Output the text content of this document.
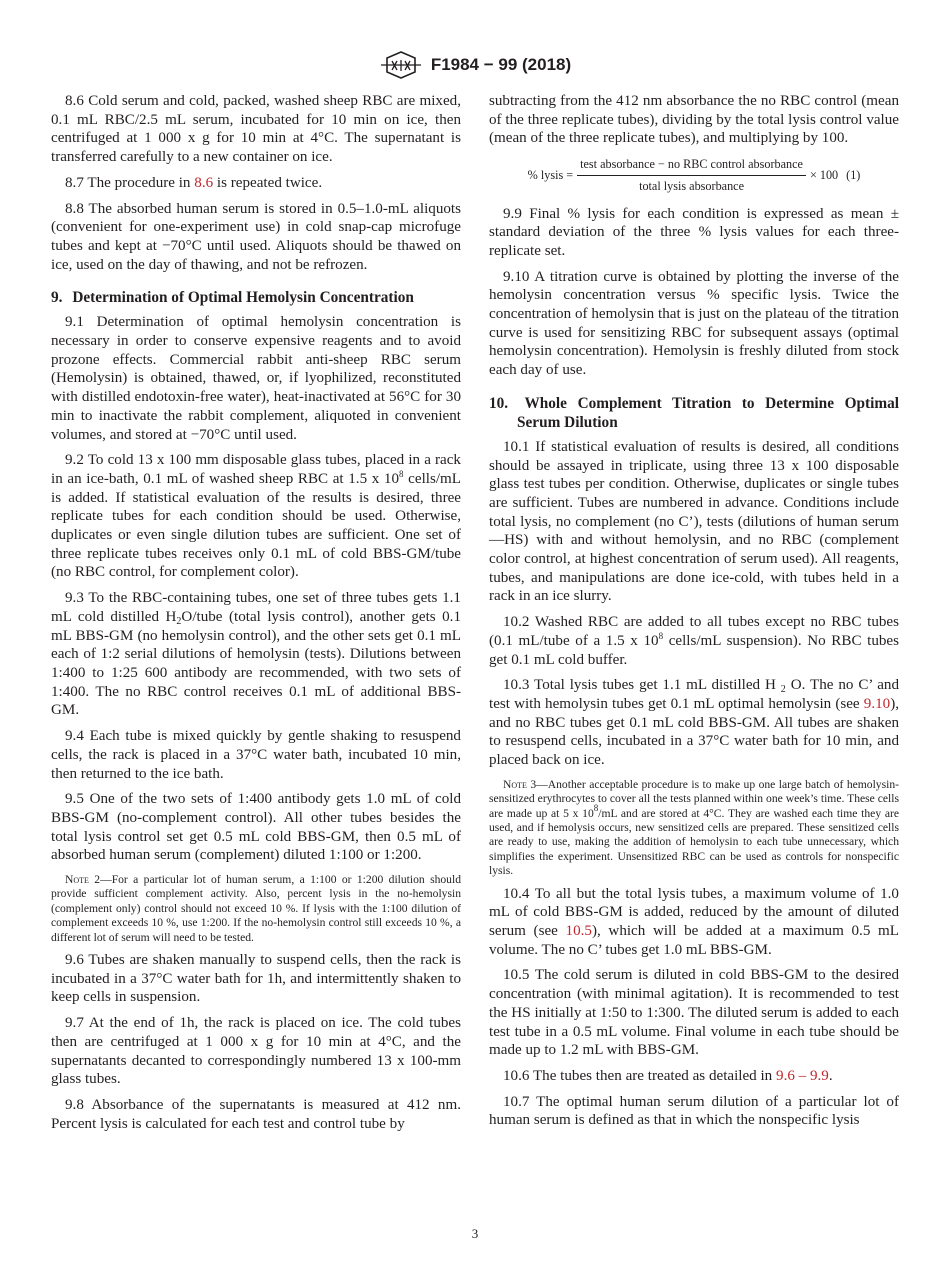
F1984 − 99 (2018)

8.6 Cold serum and cold, packed, washed sheep RBC are mixed, 0.1 mL RBC/2.5 mL serum, incubated for 10 min on ice, then centrifuged at 1 000 x g for 10 min at 4°C. The supernatant is transferred carefully to a new container on ice.

8.7 The procedure in 8.6 is repeated twice.

8.8 The absorbed human serum is stored in 0.5–1.0-mL aliquots (convenient for one-experiment use) in cold snap-cap microfuge tubes and kept at −70°C until used. Aliquots should be thawed on ice, used on the day of thawing, and not be refrozen.

9. Determination of Optimal Hemolysin Concentration

9.1 Determination of optimal hemolysin concentration is necessary in order to conserve expensive reagents and to avoid prozone effects. Commercial rabbit anti-sheep RBC serum (Hemolysin) is obtained, thawed, or, if lyophilized, reconstituted with distilled endotoxin-free water), heat-inactivated at 56°C for 30 min to inactivate the rabbit complement, aliquoted in convenient volumes, and stored at −70°C until used.

9.2 To cold 13 x 100 mm disposable glass tubes, placed in a rack in an ice-bath, 0.1 mL of washed sheep RBC at 1.5 x $10^8$ cells/mL is added. If statistical evaluation of the results is desired, three replicate tubes for each condition should be used. Otherwise, duplicates or even single dilution tubes are sufficient. One set of three replicate tubes receives only 0.1 mL of cold BBS-GM/tube (no RBC control, for complement color).

9.3 To the RBC-containing tubes, one set of three tubes gets 1.1 mL cold distilled $H_2O$/tube (total lysis control), another gets 0.1 mL BBS-GM (no hemolysin control), and the other sets get 0.1 mL each of 1:2 serial dilutions of hemolysin (tests). Dilutions between 1:400 to 1:25 600 antibody are recommended, with two sets of 1:400. The no RBC control receives 0.1 mL of additional BBS-GM.

9.4 Each tube is mixed quickly by gentle shaking to resuspend cells, the rack is placed in a 37°C water bath, incubated 10 min, then returned to the ice bath.

9.5 One of the two sets of 1:400 antibody gets 1.0 mL of cold BBS-GM (no-complement control). All other tubes besides the total lysis control set get 0.5 mL cold BBS-GM, then 0.5 mL of absorbed human serum (complement) diluted 1:100 or 1:200.

Note 2—For a particular lot of human serum, a 1:100 or 1:200 dilution should provide sufficient complement activity. Also, percent lysis in the no-hemolysin (complement only) control should not exceed 10 %. If lysis with the 1:100 dilution of complement exceeds 10 %, use 1:200. If the no-hemolysin control still exceeds 10 %, a different lot of serum will need to be tested.

9.6 Tubes are shaken manually to suspend cells, then the rack is incubated in a 37°C water bath for 1h, and intermittently shaken to keep cells in suspension.

9.7 At the end of 1h, the rack is placed on ice. The cold tubes then are centrifuged at 1 000 x g for 10 min at 4°C, and the supernatants decanted to correspondingly numbered 13 x 100-mm glass tubes.

9.8 Absorbance of the supernatants is measured at 412 nm. Percent lysis is calculated for each test and control tube by

subtracting from the 412 nm absorbance the no RBC control (mean of the three replicate tubes), dividing by the total lysis control value (mean of the three replicate tubes), and multiplying by 100.

% lysis = $\frac{\text{test absorbance − no RBC control absorbance}}{\text{total lysis absorbance}} \times 100$ (1)

9.9 Final % lysis for each condition is expressed as mean ± standard deviation of the three % lysis values for each three-replicate set.

9.10 A titration curve is obtained by plotting the inverse of the hemolysin concentration versus % specific lysis. Twice the concentration of hemolysin that is just on the plateau of the titration curve is used for sensitizing RBC for subsequent assays (optimal hemolysin concentration). Hemolysin is freshly diluted from stock each day of use.

10. Whole Complement Titration to Determine Optimal Serum Dilution

10.1 If statistical evaluation of results is desired, all conditions should be assayed in triplicate, using three 13 x 100 disposable glass test tubes per condition. Otherwise, duplicates or single tubes are sufficient. Tubes are numbered in advance. Conditions include total lysis, no complement (no C’), tests (dilutions of human serum—HS) with and without hemolysin, and no RBC (complement color control, at highest concentration of serum used). All reagents, tubes, and manipulations are done ice-cold, with tubes held in a rack in an ice slurry.

10.2 Washed RBC are added to all tubes except no RBC tubes (0.1 mL/tube of a 1.5 x $10^8$ cells/mL suspension). No RBC tubes get 0.1 mL cold buffer.

10.3 Total lysis tubes get 1.1 mL distilled H $_2$ O. The no C’ and test with hemolysin tubes get 0.1 mL optimal hemolysin (see 9.10), and no RBC tubes get 0.1 mL cold BBS-GM. All tubes are shaken to resuspend cells, incubated in a 37°C water bath for 10 min, and placed back on ice.

Note 3—Another acceptable procedure is to make up one large batch of hemolysin-sensitized erythrocytes to cover all the tests planned within one week’s time. These cells are made up at 5 x $10^8/mL$ and are stored at 4°C. They are washed each time they are used, and if hemolysis occurs, new sensitized cells are prepared. These sensitized cells are ready to use, making the addition of hemolysin to each tube unnecessary, which simplifies the experiment. Unsensitized RBC can be used as controls for nonspecific lysis.

10.4 To all but the total lysis tubes, a maximum volume of 1.0 mL of cold BBS-GM is added, reduced by the amount of diluted serum (see 10.5), which will be added at a maximum 0.5 mL volume. The no C’ tubes get 1.0 mL BBS-GM.

10.5 The cold serum is diluted in cold BBS-GM to the desired concentration (with minimal agitation). It is recommended to test the HS initially at 1:50 to 1:300. The diluted serum is added to each test tube in a 0.5 mL volume. Final volume in each tube should be made up to 1.2 mL with BBS-GM.

10.6 The tubes then are treated as detailed in 9.6 – 9.9.

10.7 The optimal human serum dilution of a particular lot of human serum is defined as that in which the nonspecific lysis

3
